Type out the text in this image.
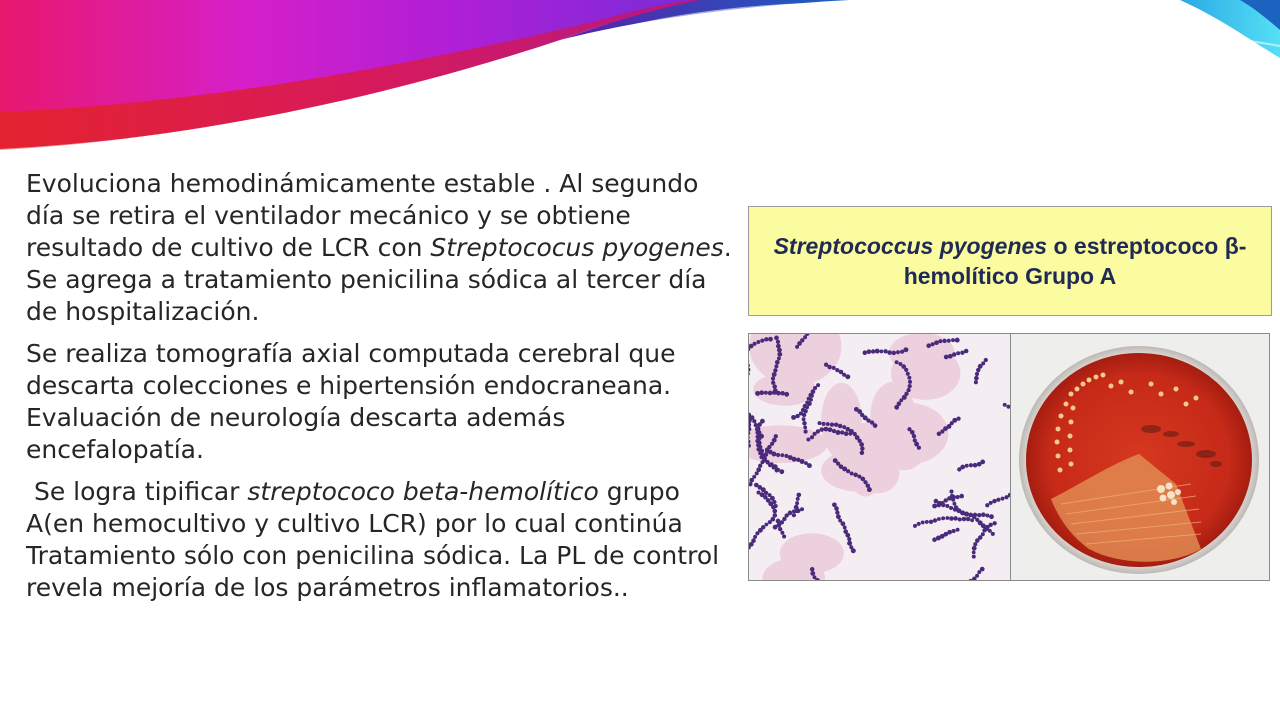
Evoluciona hemodinámicamente estable . Al segundo día se retira el ventilador mecánico y se obtiene resultado de cultivo de LCR con Streptococus pyogenes. Se agrega a tratamiento penicilina sódica al tercer día de hospitalización.

Se realiza tomografía axial computada cerebral que descarta colecciones e hipertensión endocraneana. Evaluación de neurología descarta además encefalopatía.

Se logra tipificar streptococo beta-hemolítico grupo A(en hemocultivo y cultivo LCR) por lo cual continúa Tratamiento sólo con penicilina sódica. La PL de control revela mejoría de los parámetros inflamatorios..

Streptococcus pyogenes o estreptococo β-hemolítico Grupo A
